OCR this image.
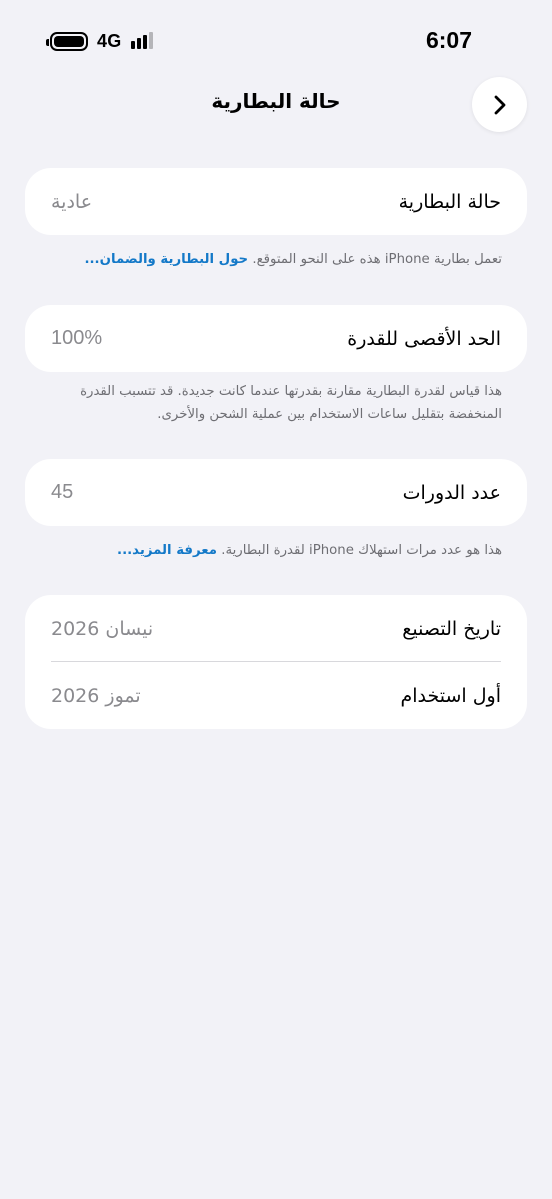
4G	6:07
حالة البطارية
حالة البطارية
عادية
تعمل بطارية iPhone هذه على النحو المتوقع. حول البطارية والضمان...
الحد الأقصى للقدرة
100%
هذا قياس لقدرة البطارية مقارنة بقدرتها عندما كانت جديدة. قد تتسبب القدرة المنخفضة بتقليل ساعات الاستخدام بين عملية الشحن والأخرى.
عدد الدورات
45
هذا هو عدد مرات استهلاك iPhone لقدرة البطارية. معرفة المزيد...
تاريخ التصنيع
نيسان 2026
أول استخدام
تموز 2026
